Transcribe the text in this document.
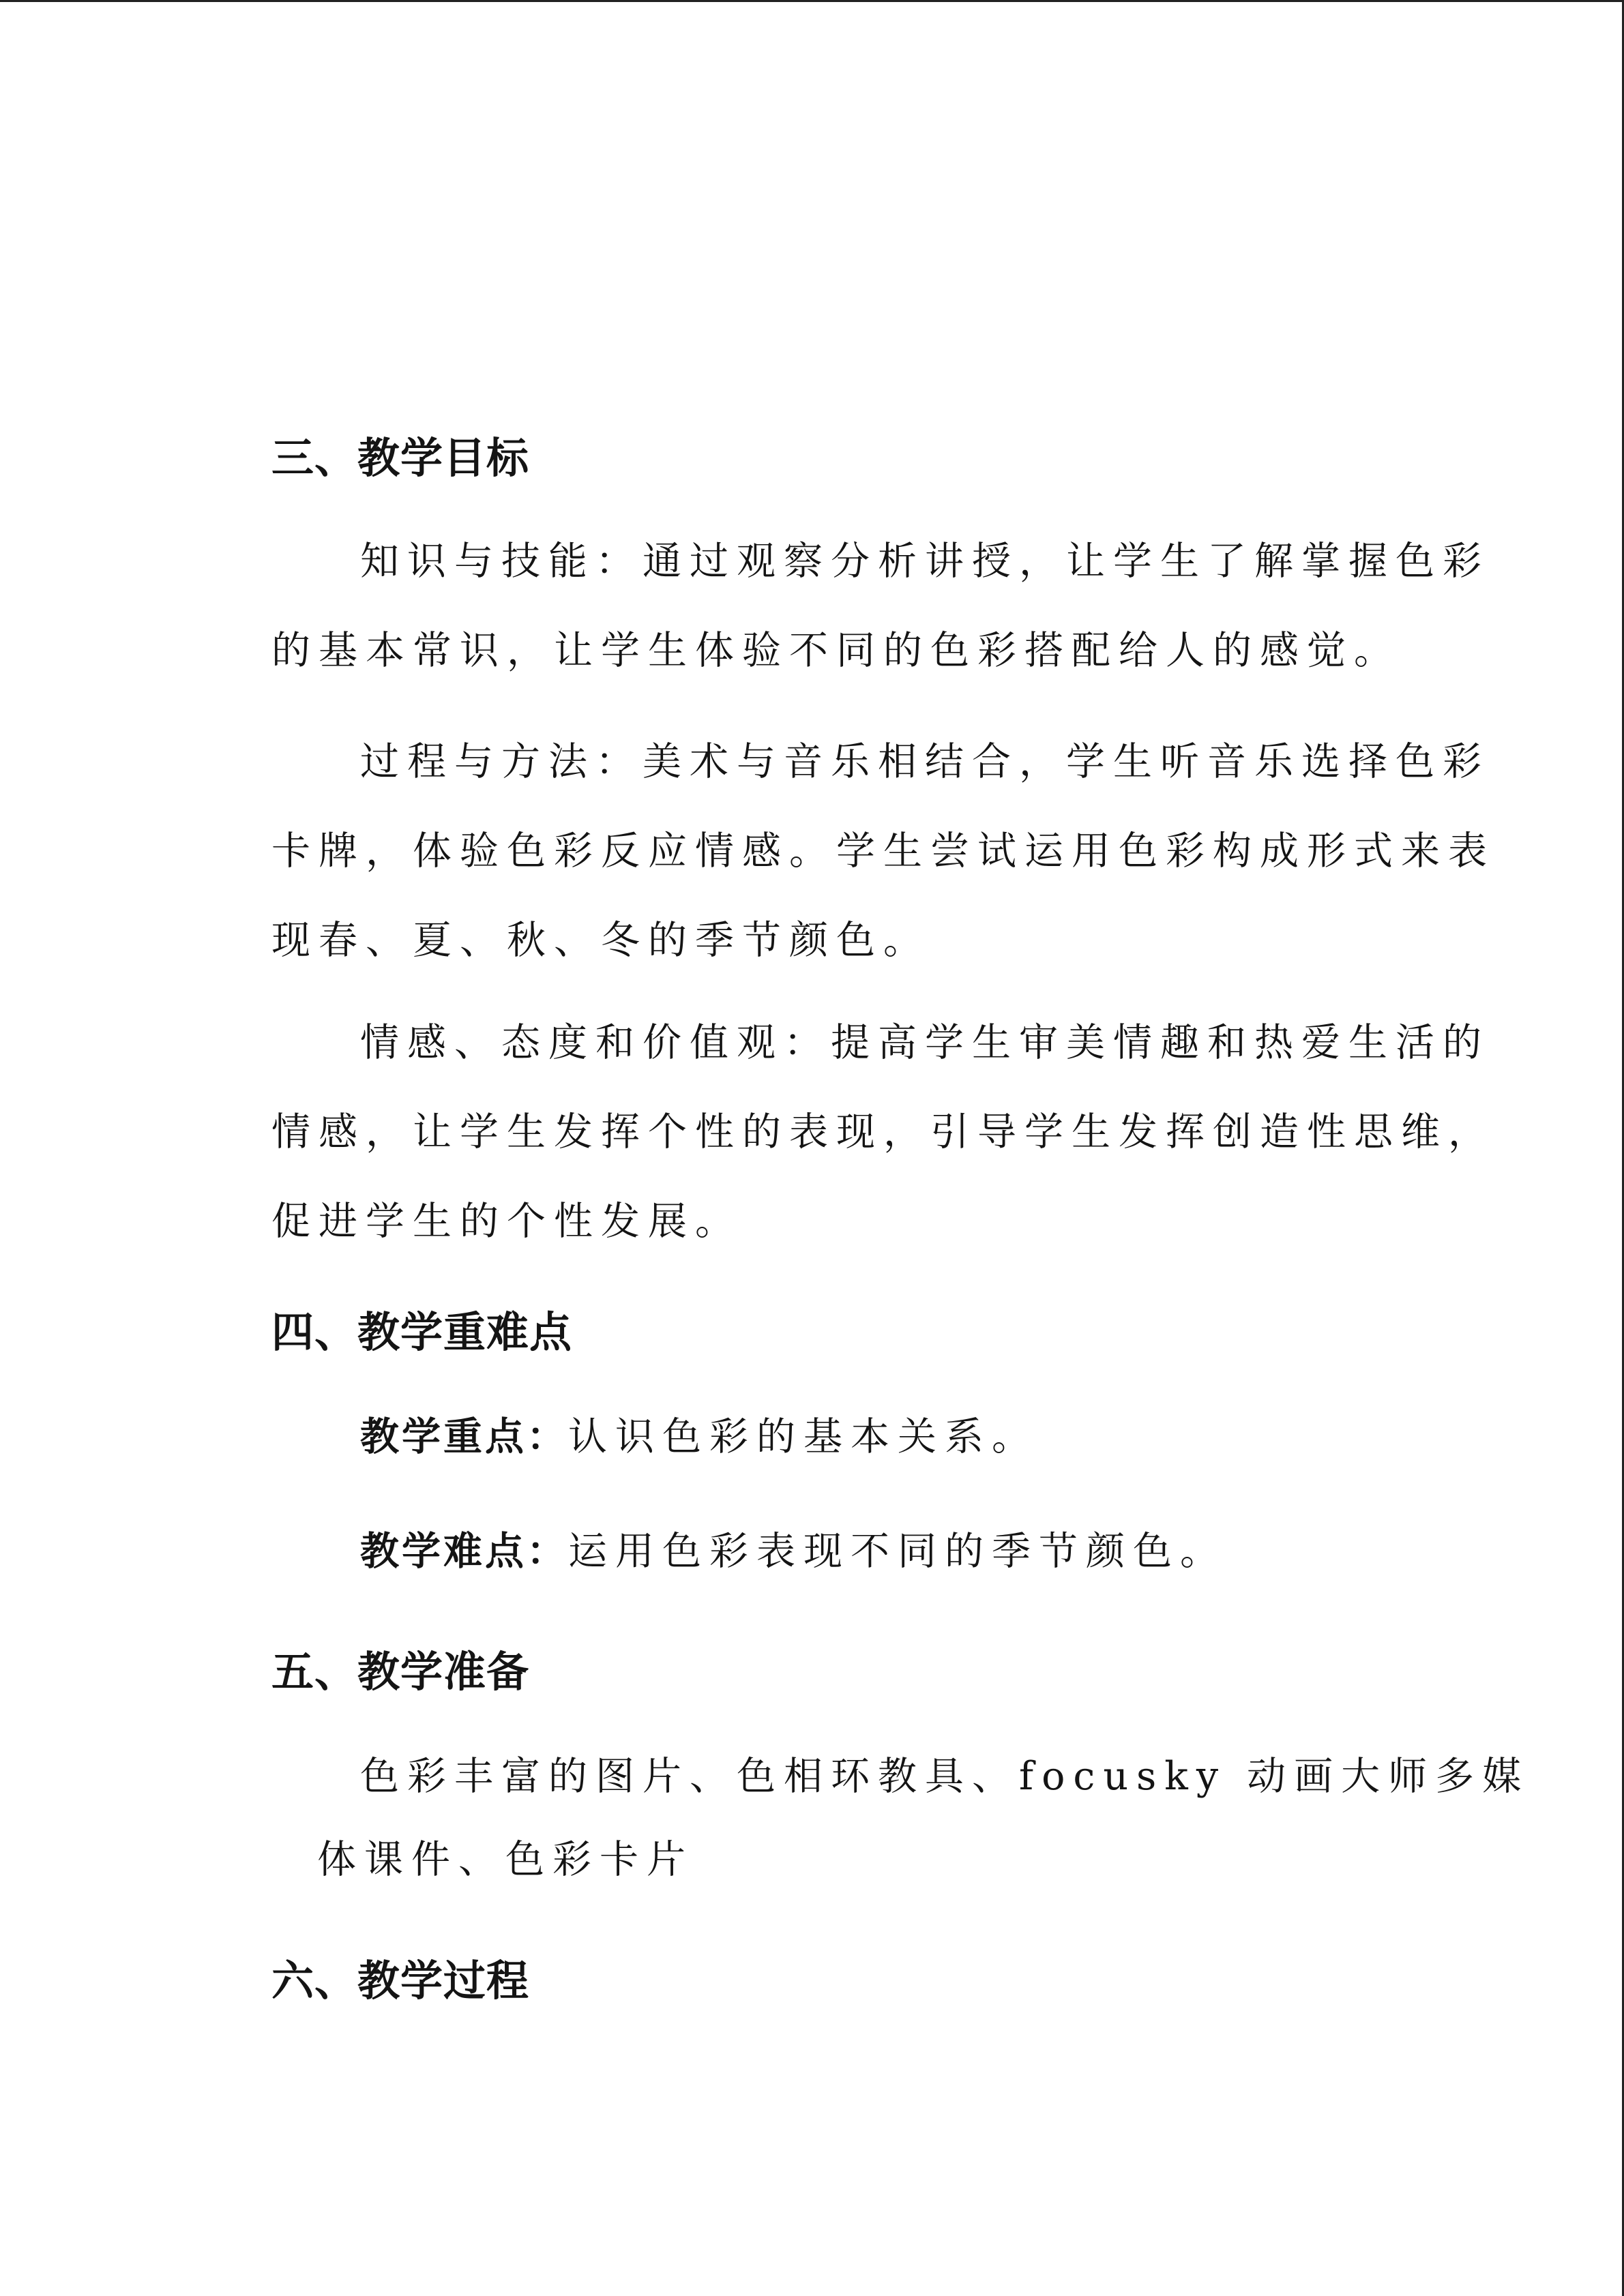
三、教学目标
知识与技能：通过观察分析讲授，让学生了解掌握色彩
的基本常识，让学生体验不同的色彩搭配给人的感觉。
过程与方法：美术与音乐相结合，学生听音乐选择色彩
卡牌，体验色彩反应情感。学生尝试运用色彩构成形式来表
现春、夏、秋、冬的季节颜色。
情感、态度和价值观：提高学生审美情趣和热爱生活的
情感，让学生发挥个性的表现，引导学生发挥创造性思维，
促进学生的个性发展。
四、教学重难点
教学重点：认识色彩的基本关系。
教学难点：运用色彩表现不同的季节颜色。
五、教学准备
色彩丰富的图片、色相环教具、focusky 动画大师多媒
体课件、色彩卡片
六、教学过程
